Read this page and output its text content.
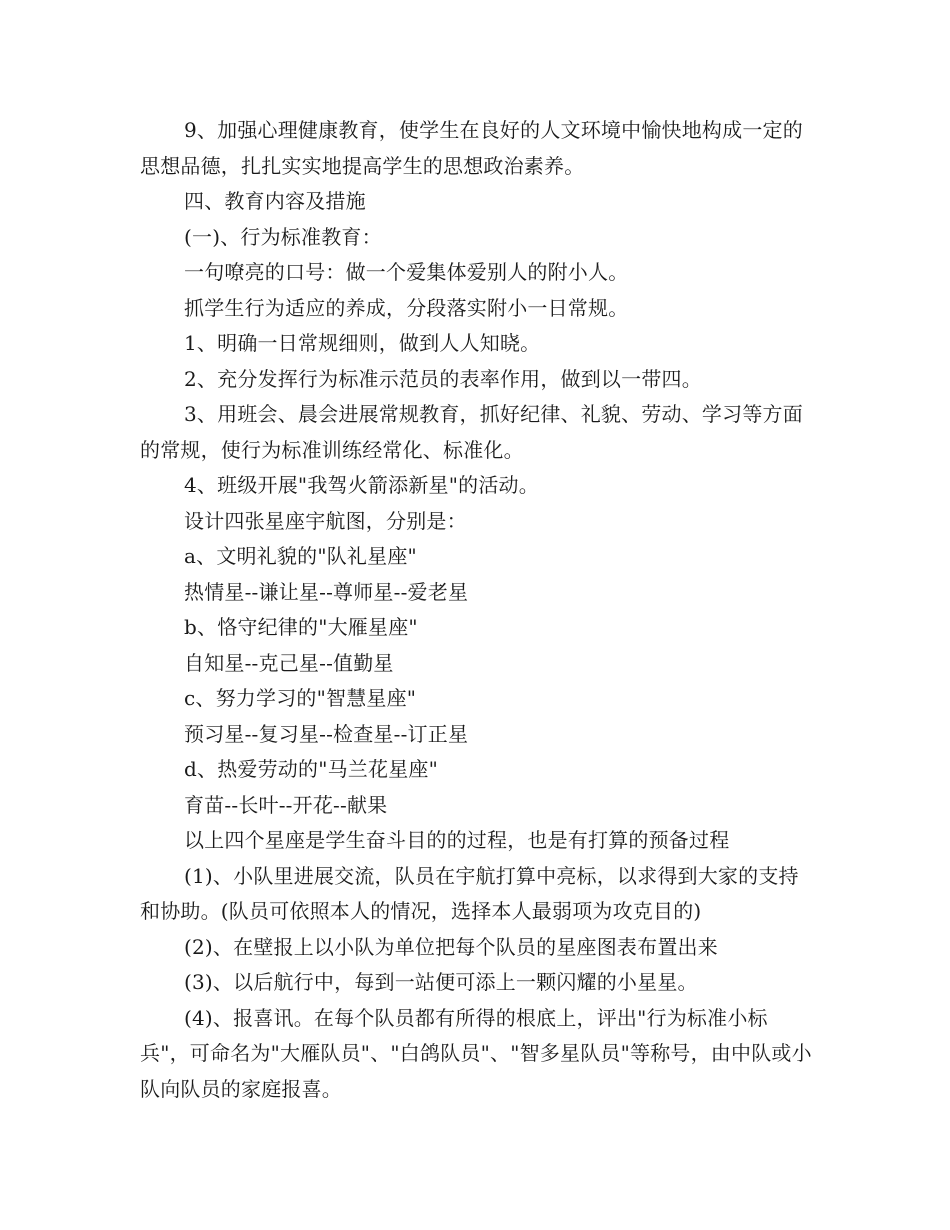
9、加强心理健康教育，使学生在良好的人文环境中愉快地构成一定的思想品德，扎扎实实地提高学生的思想政治素养。

四、教育内容及措施

(一)、行为标准教育：

一句嘹亮的口号：做一个爱集体爱别人的附小人。

抓学生行为适应的养成，分段落实附小一日常规。

1、明确一日常规细则，做到人人知晓。

2、充分发挥行为标准示范员的表率作用，做到以一带四。

3、用班会、晨会进展常规教育，抓好纪律、礼貌、劳动、学习等方面的常规，使行为标准训练经常化、标准化。

4、班级开展"我驾火箭添新星"的活动。

设计四张星座宇航图，分别是：

a、文明礼貌的"队礼星座"

热情星--谦让星--尊师星--爱老星

b、恪守纪律的"大雁星座"

自知星--克己星--值勤星

c、努力学习的"智慧星座"

预习星--复习星--检查星--订正星

d、热爱劳动的"马兰花星座"

育苗--长叶--开花--献果

以上四个星座是学生奋斗目的的过程，也是有打算的预备过程

(1)、小队里进展交流，队员在宇航打算中亮标，以求得到大家的支持和协助。(队员可依照本人的情况，选择本人最弱项为攻克目的)

(2)、在壁报上以小队为单位把每个队员的星座图表布置出来

(3)、以后航行中，每到一站便可添上一颗闪耀的小星星。

(4)、报喜讯。在每个队员都有所得的根底上，评出"行为标准小标兵"，可命名为"大雁队员"、"白鸽队员"、"智多星队员"等称号，由中队或小队向队员的家庭报喜。
